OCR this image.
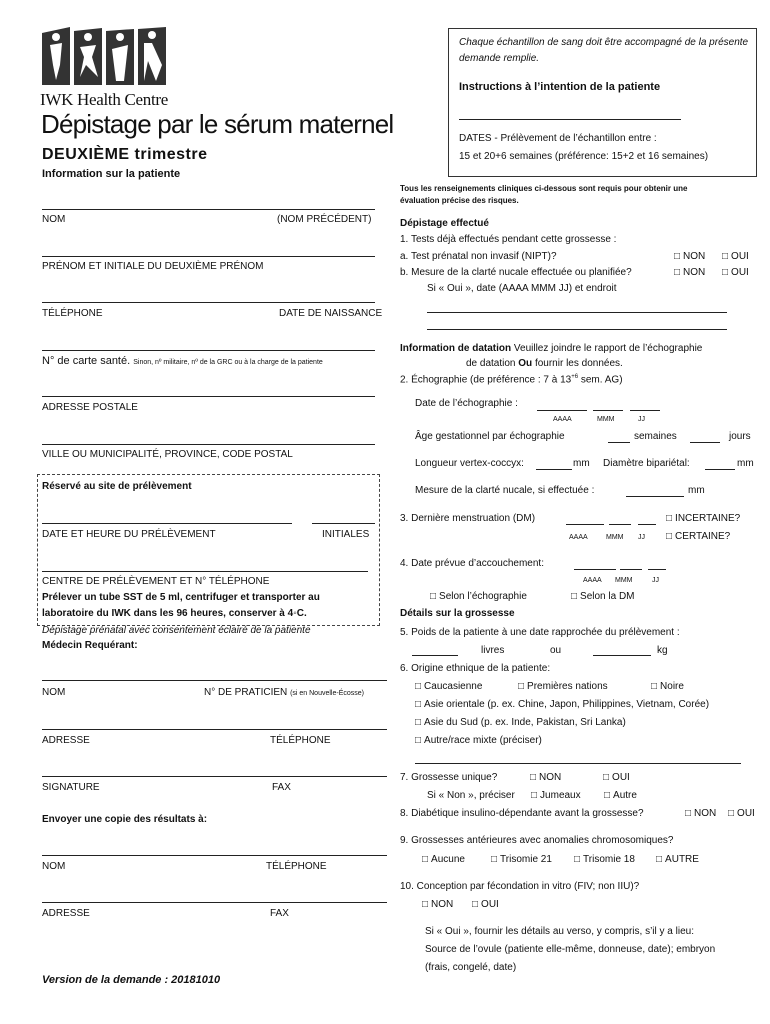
IWK Health Centre
Dépistage par le sérum maternel
DEUXIÈME trimestre
Information sur la patiente
Chaque échantillon de sang doit être accompagné de la présente demande remplie.
Instructions à l’intention de la patiente
DATES - Prélèvement de l’échantillon entre :
15 et 20+6 semaines (préférence: 15+2 et 16 semaines)
NOM	(NOM PRÉCÉDENT)
PRÉNOM ET INITIALE DU DEUXIÈME PRÉNOM
TÉLÉPHONE	DATE DE NAISSANCE
N° de carte santé. Sinon, nº militaire, nº de la GRC ou à la charge de la patiente
ADRESSE POSTALE
VILLE OU MUNICIPALITÉ, PROVINCE, CODE POSTAL
Réservé au site de prélèvement
DATE ET HEURE DU PRÉLÈVEMENT	INITIALES
CENTRE DE PRÉLÈVEMENT ET N° TÉLÉPHONE
Prélever un tube SST de 5 ml, centrifuger et transporter au
laboratoire du IWK dans les 96 heures, conserver à 4◦C.
Dépistage prénatal avec consentement éclairé de la patiente
Médecin Requérant:
NOM	N° DE PRATICIEN (si en Nouvelle-Écosse)
ADRESSE	TÉLÉPHONE
SIGNATURE	FAX
Envoyer une copie des résultats à:
NOM	TÉLÉPHONE
ADRESSE	FAX
Version de la demande : 20181010
Tous les renseignements cliniques ci-dessous sont requis pour obtenir une
évaluation précise des risques.
Dépistage effectué
1. Tests déjà effectués pendant cette grossesse :
a. Test prénatal non invasif (NIPT)?	□ NON	□ OUI
b. Mesure de la clarté nucale effectuée ou planifiée?	□ NON	□ OUI
Si « Oui », date (AAAA MMM JJ) et endroit
Information de datation Veuillez joindre le rapport de l’échographie
de datation Ou fournir les données.
2. Échographie (de préférence : 7 à $13^{+6}$ sem. AG)
Date de l’échographie :
AAAA	MMM	JJ
Âge gestationnel par échographie	semaines	jours
Longueur vertex-coccyx:	mm Diamètre bipariétal:	mm
Mesure de la clarté nucale, si effectuée :	mm
3. Dernière menstruation (DM)	□ INCERTAINE?
AAAA	MMM JJ	□ CERTAINE?
4. Date prévue d’accouchement:
AAAA MMM	JJ
□ Selon l’échographie	□ Selon la DM
Détails sur la grossesse
5. Poids de la patiente à une date rapprochée du prélèvement :
livres	ou	kg
6. Origine ethnique de la patiente:
□ Caucasienne	□ Premières nations	□ Noire
□ Asie orientale (p. ex. Chine, Japon, Philippines, Vietnam, Corée)
□ Asie du Sud (p. ex. Inde, Pakistan, Sri Lanka)
□ Autre/race mixte (préciser)
7. Grossesse unique?	□ NON	□ OUI
Si « Non », préciser	□ Jumeaux	□ Autre
8. Diabétique insulino-dépendante avant la grossesse?	□ NON	□ OUI
9. Grossesses antérieures avec anomalies chromosomiques?
□ Aucune	□ Trisomie 21	□ Trisomie 18	□ AUTRE
10. Conception par fécondation in vitro (FIV; non IIU)?
□ NON	□ OUI
Si « Oui », fournir les détails au verso, y compris, s’il y a lieu:
Source de l’ovule (patiente elle-même, donneuse, date); embryon
(frais, congelé, date)
